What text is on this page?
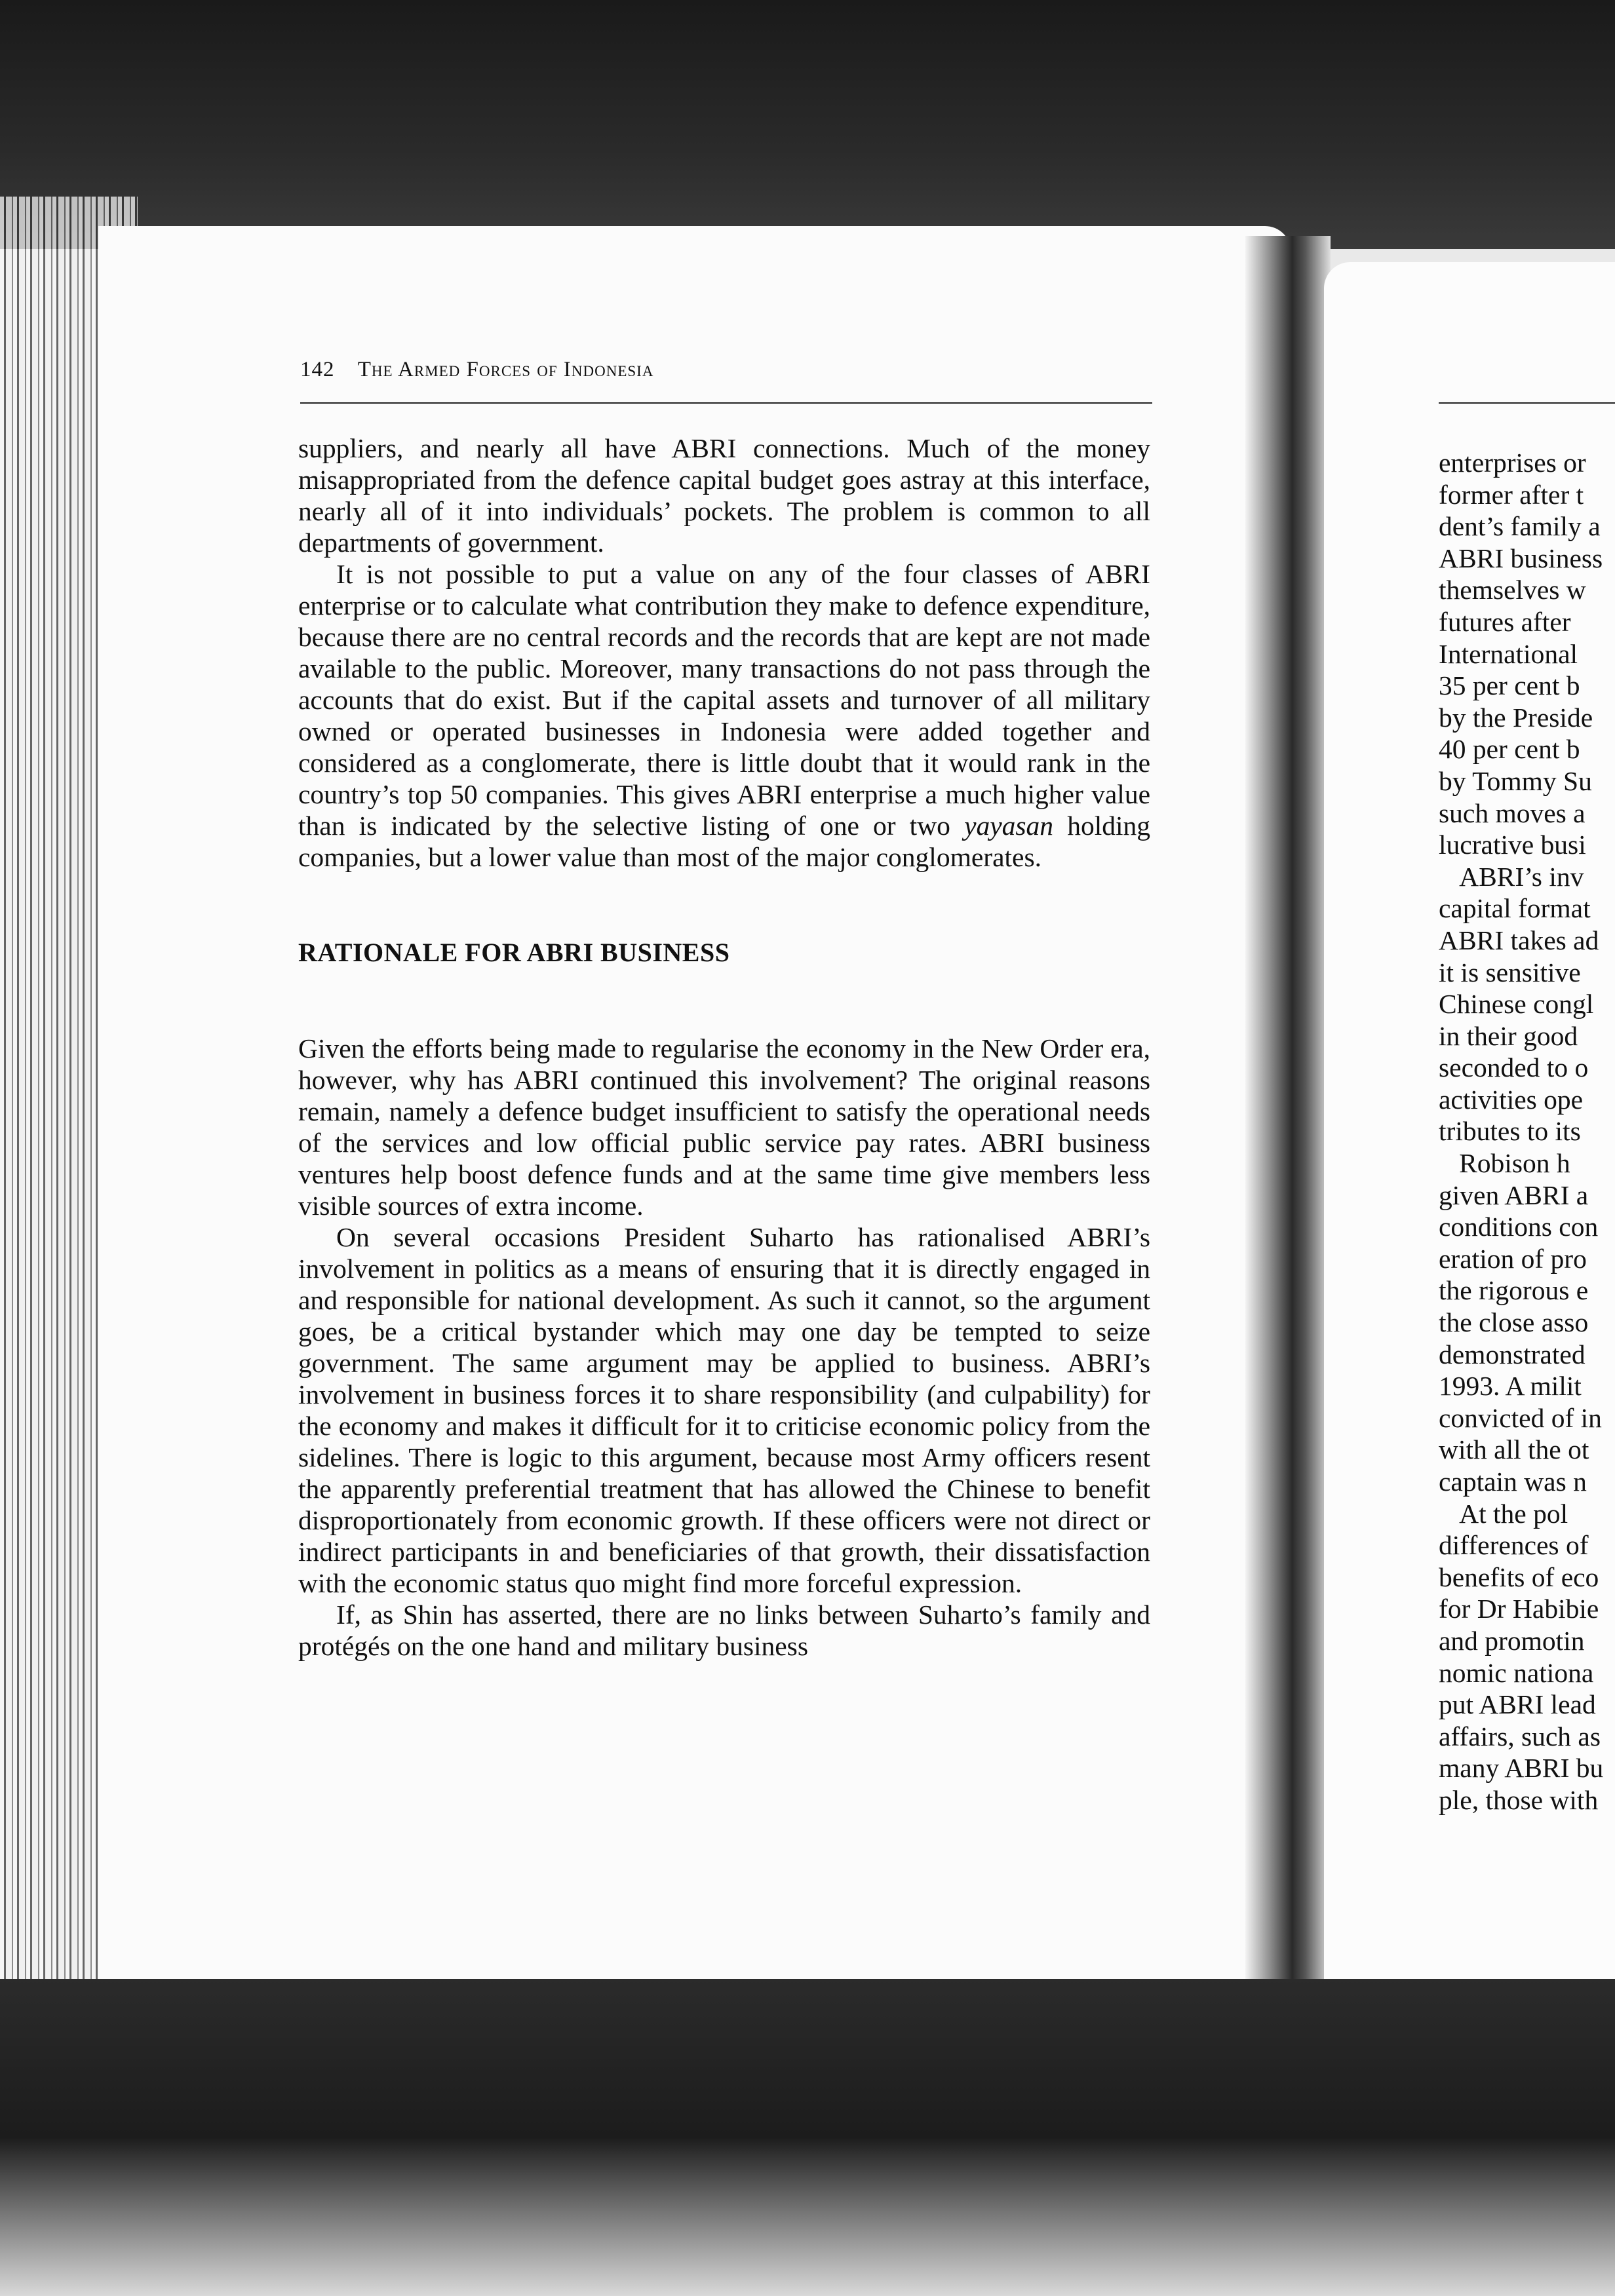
142 The Armed Forces of Indonesia

suppliers, and nearly all have ABRI connections. Much of the money misappropriated from the defence capital budget goes astray at this interface, nearly all of it into individuals’ pockets. The problem is common to all departments of government.

It is not possible to put a value on any of the four classes of ABRI enterprise or to calculate what contribution they make to defence expenditure, because there are no central records and the records that are kept are not made available to the public. Moreover, many transactions do not pass through the accounts that do exist. But if the capital assets and turnover of all military owned or operated businesses in Indonesia were added together and considered as a conglomerate, there is little doubt that it would rank in the country’s top 50 companies. This gives ABRI enterprise a much higher value than is indicated by the selective listing of one or two yayasan holding companies, but a lower value than most of the major conglomerates.

RATIONALE FOR ABRI BUSINESS

Given the efforts being made to regularise the economy in the New Order era, however, why has ABRI continued this involvement? The original reasons remain, namely a defence budget insufficient to satisfy the operational needs of the services and low official public service pay rates. ABRI business ventures help boost defence funds and at the same time give members less visible sources of extra income.

On several occasions President Suharto has rationalised ABRI’s involvement in politics as a means of ensuring that it is directly engaged in and responsible for national development. As such it cannot, so the argument goes, be a critical bystander which may one day be tempted to seize government. The same argument may be applied to business. ABRI’s involvement in business forces it to share responsibility (and culpability) for the economy and makes it difficult for it to criticise economic policy from the sidelines. There is logic to this argument, because most Army officers resent the apparently preferential treatment that has allowed the Chinese to benefit disproportionately from economic growth. If these officers were not direct or indirect participants in and beneficiaries of that growth, their dissatisfaction with the economic status quo might find more forceful expression.

If, as Shin has asserted, there are no links between Suharto’s family and protégés on the one hand and military business

enterprises or
former after t
dent’s family a
ABRI business
themselves w
futures after
International
35 per cent b
by the Preside
40 per cent b
by Tommy Su
such moves a
lucrative busi
ABRI’s inv
capital format
ABRI takes ad
it is sensitive
Chinese congl
in their good
seconded to o
activities ope
tributes to its
Robison h
given ABRI a
conditions con
eration of pro
the rigorous e
the close asso
demonstrated
1993. A milit
convicted of in
with all the ot
captain was n
At the pol
differences of
benefits of eco
for Dr Habibie
and promotin
nomic nationa
put ABRI lead
affairs, such as
many ABRI bu
ple, those with
